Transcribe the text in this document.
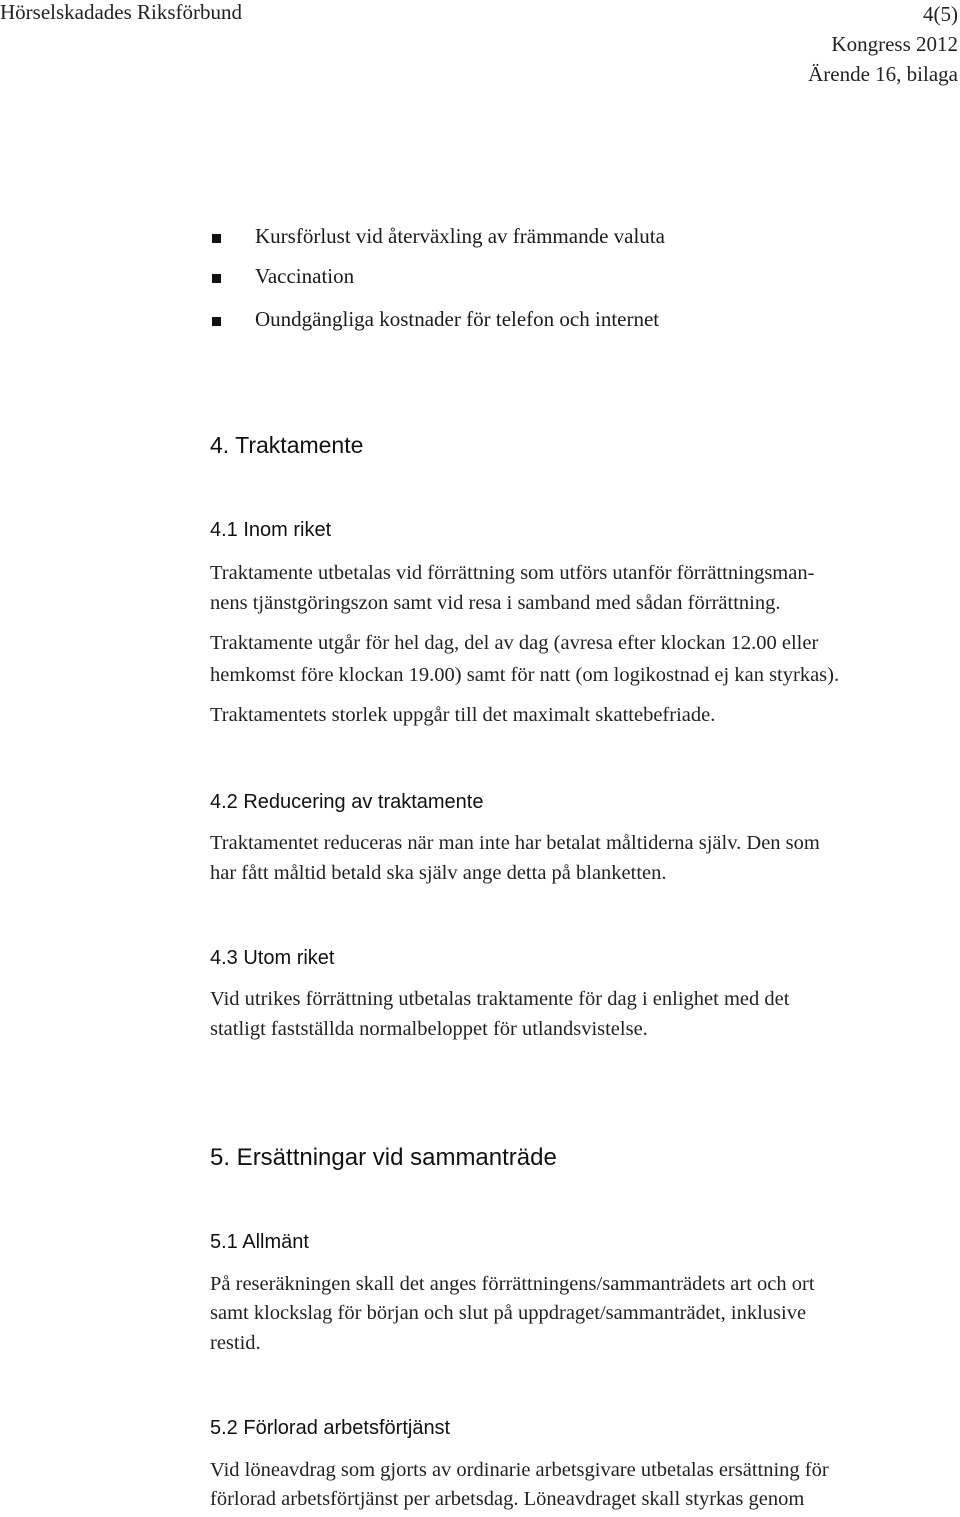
Hörselskadades Riksförbund	4(5)
Kongress 2012
Ärende 16, bilaga
Kursförlust vid återväxling av främmande valuta
Vaccination
Oundgängliga kostnader för telefon och internet
4. Traktamente
4.1 Inom riket
Traktamente utbetalas vid förrättning som utförs utanför förrättningsman-
nens tjänstgöringszon samt vid resa i samband med sådan förrättning.
Traktamente utgår för hel dag, del av dag (avresa efter klockan 12.00 eller
hemkomst före klockan 19.00) samt för natt (om logikostnad ej kan styrkas).
Traktamentets storlek uppgår till det maximalt skattebefriade.
4.2 Reducering av traktamente
Traktamentet reduceras när man inte har betalat måltiderna själv. Den som
har fått måltid betald ska själv ange detta på blanketten.
4.3 Utom riket
Vid utrikes förrättning utbetalas traktamente för dag i enlighet med det
statligt fastställda normalbeloppet för utlandsvistelse.
5. Ersättningar vid sammanträde
5.1 Allmänt
På reseräkningen skall det anges förrättningens/sammanträdets art och ort
samt klockslag för början och slut på uppdraget/sammanträdet, inklusive
restid.
5.2 Förlorad arbetsförtjänst
Vid löneavdrag som gjorts av ordinarie arbetsgivare utbetalas ersättning för
förlorad arbetsförtjänst per arbetsdag. Löneavdraget skall styrkas genom
